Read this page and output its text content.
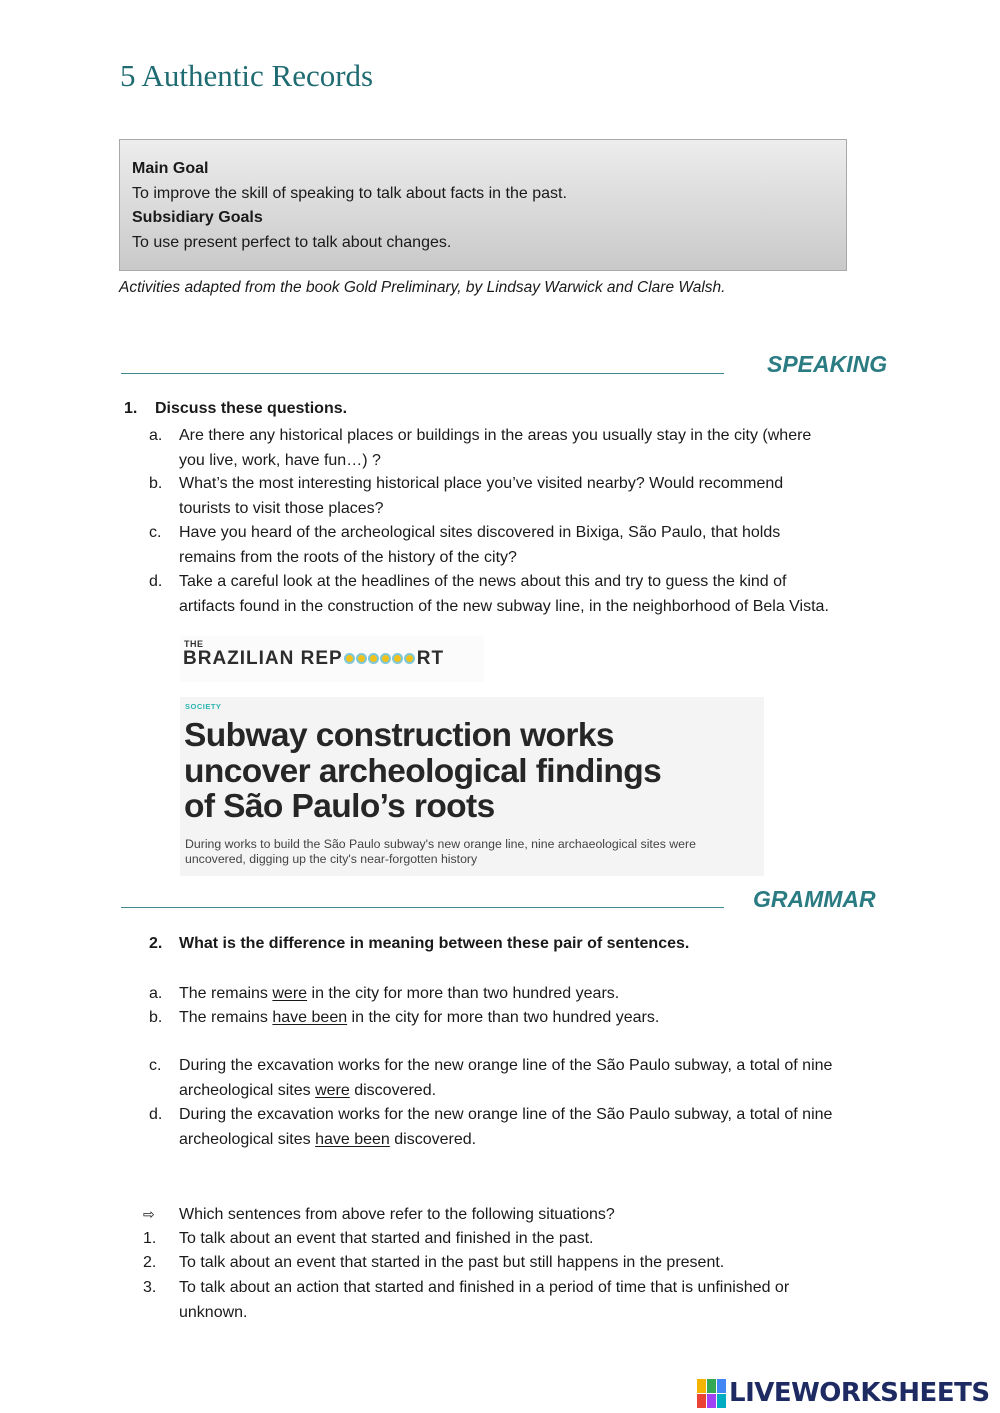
5 Authentic Records
Main Goal
To improve the skill of speaking to talk about facts in the past.
Subsidiary Goals
To use present perfect to talk about changes.
Activities adapted from the book Gold Preliminary, by Lindsay Warwick and Clare Walsh.
SPEAKING
1. Discuss these questions.
a. Are there any historical places or buildings in the areas you usually stay in the city (where
you live, work, have fun…) ?
b. What’s the most interesting historical place you’ve visited nearby? Would recommend
tourists to visit those places?
c. Have you heard of the archeological sites discovered in Bixiga, São Paulo, that holds
remains from the roots of the history of the city?
d. Take a careful look at the headlines of the news about this and try to guess the kind of
artifacts found in the construction of the new subway line, in the neighborhood of Bela Vista.
THE
BRAZILIAN REP	RT
SOCIETY
Subway construction works
uncover archeological findings
of São Paulo’s roots
During works to build the São Paulo subway's new orange line, nine archaeological sites were uncovered, digging up the city's near-forgotten history
GRAMMAR
2. What is the difference in meaning between these pair of sentences.
a. The remains were in the city for more than two hundred years.
b. The remains have been in the city for more than two hundred years.
c. During the excavation works for the new orange line of the São Paulo subway, a total of nine
archeological sites were discovered.
d. During the excavation works for the new orange line of the São Paulo subway, a total of nine
archeological sites have been discovered.
⇨ Which sentences from above refer to the following situations?
1. To talk about an event that started and finished in the past.
2. To talk about an event that started in the past but still happens in the present.
3. To talk about an action that started and finished in a period of time that is unfinished or
unknown.
LIVEWORKSHEETS
